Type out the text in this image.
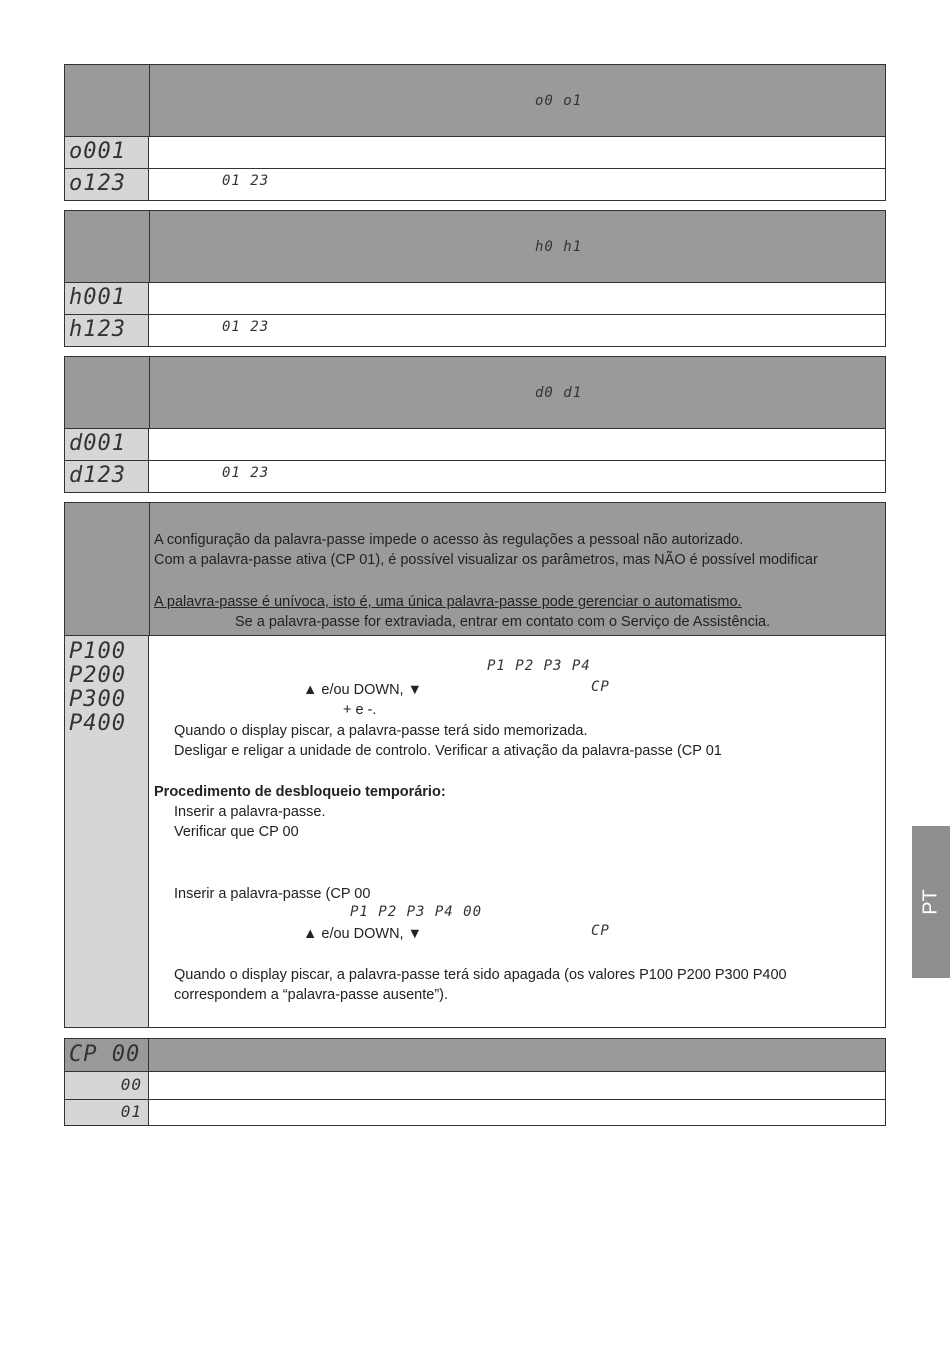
o0 o1
o001
o123	01 23
h0 h1
h001
h123	01 23
d0 d1
d001
d123	01 23
A configuração da palavra-passe impede o acesso às regulações a pessoal não autorizado.
Com a palavra-passe ativa (CP 01), é possível visualizar os parâmetros, mas NÃO é possível modificar
A palavra-passe é unívoca, isto é, uma única palavra-passe pode gerenciar o automatismo.
Se a palavra-passe for extraviada, entrar em contato com o Serviço de Assistência.
P100
P200
P300
P400
P1 P2 P3 P4
▲ e/ou DOWN, ▼	CP
+ e -.
Quando o display piscar, a palavra-passe terá sido memorizada.
Desligar e religar a unidade de controlo. Verificar a ativação da palavra-passe (CP 01
Procedimento de desbloqueio temporário:
Inserir a palavra-passe.
Verificar que CP 00
Inserir a palavra-passe (CP 00
P1 P2 P3 P4 00
▲ e/ou DOWN, ▼	CP
Quando o display piscar, a palavra-passe terá sido apagada (os valores P100 P200 P300 P400
correspondem a “palavra-passe ausente”).
CP 00
00
01
PT
